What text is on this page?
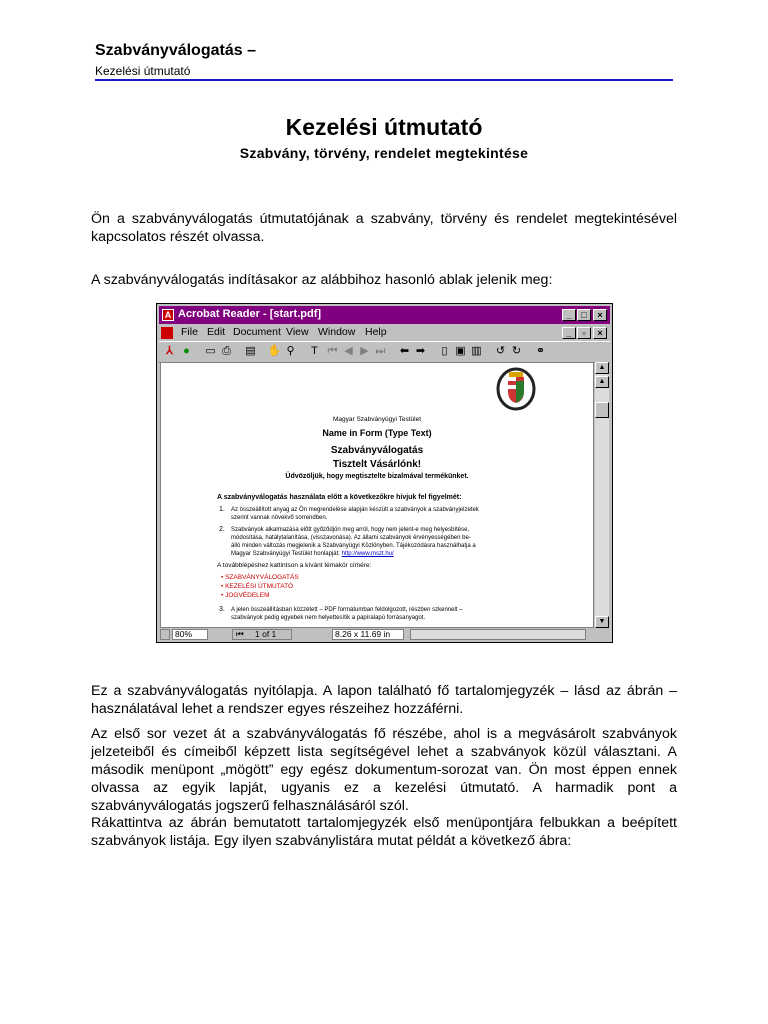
Szabványválogatás –
Kezelési útmutató
Kezelési útmutató
Szabvány, törvény, rendelet megtekintése
Ön a szabványválogatás útmutatójának a szabvány, törvény és rendelet megtekintésével kapcsolatos részét olvassa.
A szabványválogatás indításakor az alábbihoz hasonló ablak jelenik meg:
A Acrobat Reader - [start.pdf]	_	□	×
File Edit Document View Window Help	_	▫	×
⅄ ●	▭ ⎙ ▤ ✋ ⚲	T ⏮ ◀ ▶ ⏭ ⬅ ➡	▯ ▣ ▥ ↺ ↻ ⚭
Magyar Szabványügyi Testület
Name in Form (Type Text)
Szabványválogatás
Tisztelt Vásárlónk!
Üdvözöljük, hogy megtisztelte bizalmával termékünket.
A szabványválogatás használata előtt a következőkre hívjuk fel figyelmét:
1. Az összeállított anyag az Ön megrendelése alapján készült a szabványok a szabványjelzetek
szerint vannak növekvő sorrendben.
2. Szabványok alkalmazása előtt győződjön meg arról, hogy nem jelent-e meg helyesbítése,
módosítása, hatálytalanítása, (visszavonása). Az állami szabványok érvényességében be-
álló minden változás megjelenik a Szabványügyi Közlönyben. Tájékozódásra használhatja a
Magyar Szabványügyi Testület honlapját: http://www.mszt.hu/
A továbblépéshez kattintson a kívánt témakör címére:
• SZABVÁNYVÁLOGATÁS
• KEZELÉSI ÚTMUTATÓ
• JOGVÉDELEM
3. A jelen összeállításban közzétett – PDF formátumban feldolgozott, részben szkennelt –
szabványok pedig egyebek nem helyettesítik a papíralapú forrásanyagot.
▲
▲
▼
80%	⏮ 1 of 1	8.26 x 11.69 in
Ez a szabványválogatás nyitólapja. A lapon található fő tartalomjegyzék – lásd az ábrán – használatával lehet a rendszer egyes részeihez hozzáférni.
Az első sor vezet át a szabványválogatás fő részébe, ahol is a megvásárolt szabványok jelzeteiből és címeiből képzett lista segítségével lehet a szabványok közül választani. A második menüpont „mögött” egy egész dokumentum-sorozat van. Ön most éppen ennek olvassa az egyik lapját, ugyanis ez a kezelési útmutató. A harmadik pont a szabványválogatás jogszerű felhasználásáról szól.
Rákattintva az ábrán bemutatott tartalomjegyzék első menüpontjára felbukkan a beépített szabványok listája. Egy ilyen szabványlistára mutat példát a következő ábra:
